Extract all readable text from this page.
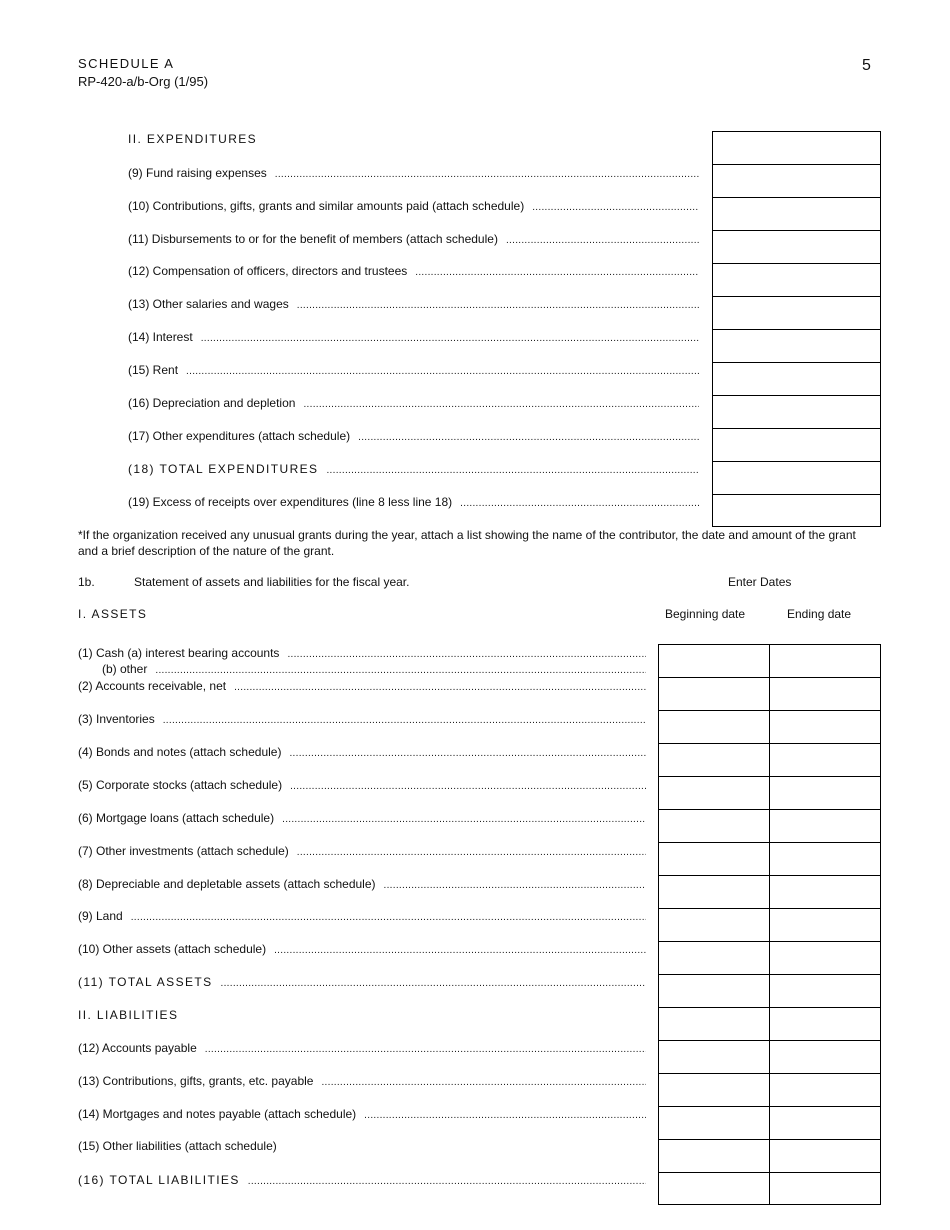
SCHEDULE A
RP-420-a/b-Org (1/95)
5
II. EXPENDITURES
(9) Fund raising expenses
.....
(10) Contributions, gifts, grants and similar amounts paid (attach schedule)
.....
(11) Disbursements to or for the benefit of members (attach schedule)
.....
(12) Compensation of officers, directors and trustees
.....
(13) Other salaries and wages
.....
(14) Interest
.....
(15) Rent
.....
(16) Depreciation and depletion
.....
(17) Other expenditures (attach schedule)
.....
(18) TOTAL EXPENDITURES
.....
(19) Excess of receipts over expenditures (line 8 less line 18)
.....
*If the organization received any unusual grants during the year, attach a list showing the name of the contributor, the date and amount of the grant and a brief description of the nature of the grant.
1b.	Statement of assets and liabilities for the fiscal year.	Enter Dates
I. ASSETS	Beginning date	Ending date
(1) Cash (a) interest bearing accounts
.....
(b) other
.....
(2) Accounts receivable, net
.....
(3) Inventories
.....
(4) Bonds and notes (attach schedule)
.....
(5) Corporate stocks (attach schedule)
.....
(6) Mortgage loans (attach schedule)
.....
(7) Other investments (attach schedule)
.....
(8) Depreciable and depletable assets (attach schedule)
.....
(9) Land
.....
(10) Other assets (attach schedule)
.....
(11) TOTAL ASSETS
.....
II. LIABILITIES
(12) Accounts payable
.....
(13) Contributions, gifts, grants, etc. payable
.....
(14) Mortgages and notes payable (attach schedule)
.....
(15) Other liabilities (attach schedule)
(16) TOTAL LIABILITIES
.....
